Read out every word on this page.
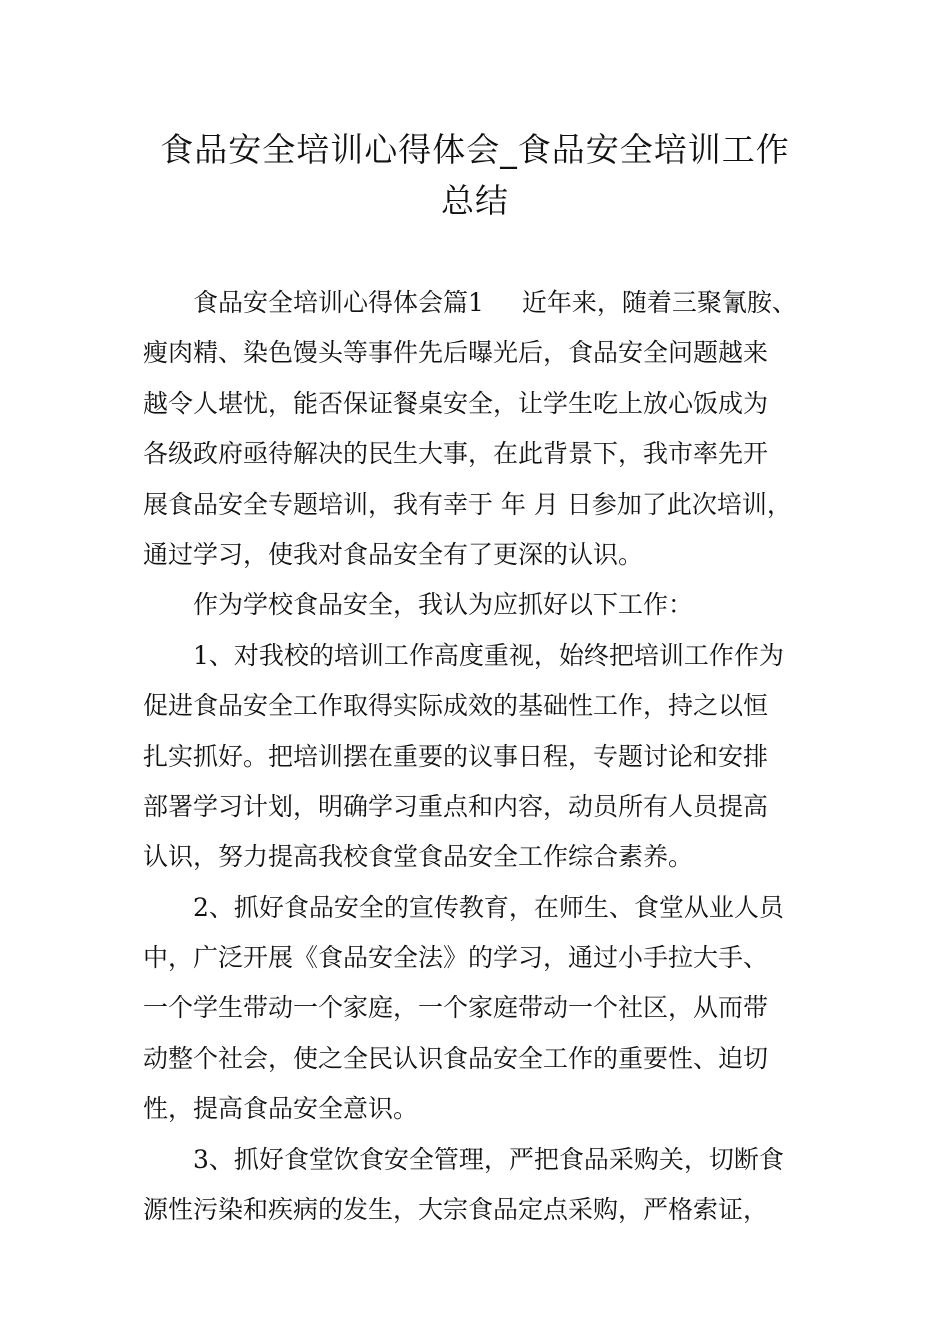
食品安全培训心得体会_食品安全培训工作
总结
食品安全培训心得体会篇1 近年来，随着三聚氰胺、
瘦肉精、染色馒头等事件先后曝光后，食品安全问题越来
越令人堪忧，能否保证餐桌安全，让学生吃上放心饭成为
各级政府亟待解决的民生大事，在此背景下，我市率先开
展食品安全专题培训，我有幸于 年 月 日参加了此次培训，
通过学习，使我对食品安全有了更深的认识。
作为学校食品安全，我认为应抓好以下工作：
1、对我校的培训工作高度重视，始终把培训工作作为
促进食品安全工作取得实际成效的基础性工作，持之以恒
扎实抓好。把培训摆在重要的议事日程，专题讨论和安排
部署学习计划，明确学习重点和内容，动员所有人员提高
认识，努力提高我校食堂食品安全工作综合素养。
2、抓好食品安全的宣传教育，在师生、食堂从业人员
中，广泛开展《食品安全法》的学习，通过小手拉大手、
一个学生带动一个家庭，一个家庭带动一个社区，从而带
动整个社会，使之全民认识食品安全工作的重要性、迫切
性，提高食品安全意识。
3、抓好食堂饮食安全管理，严把食品采购关，切断食
源性污染和疾病的发生，大宗食品定点采购，严格索证，
